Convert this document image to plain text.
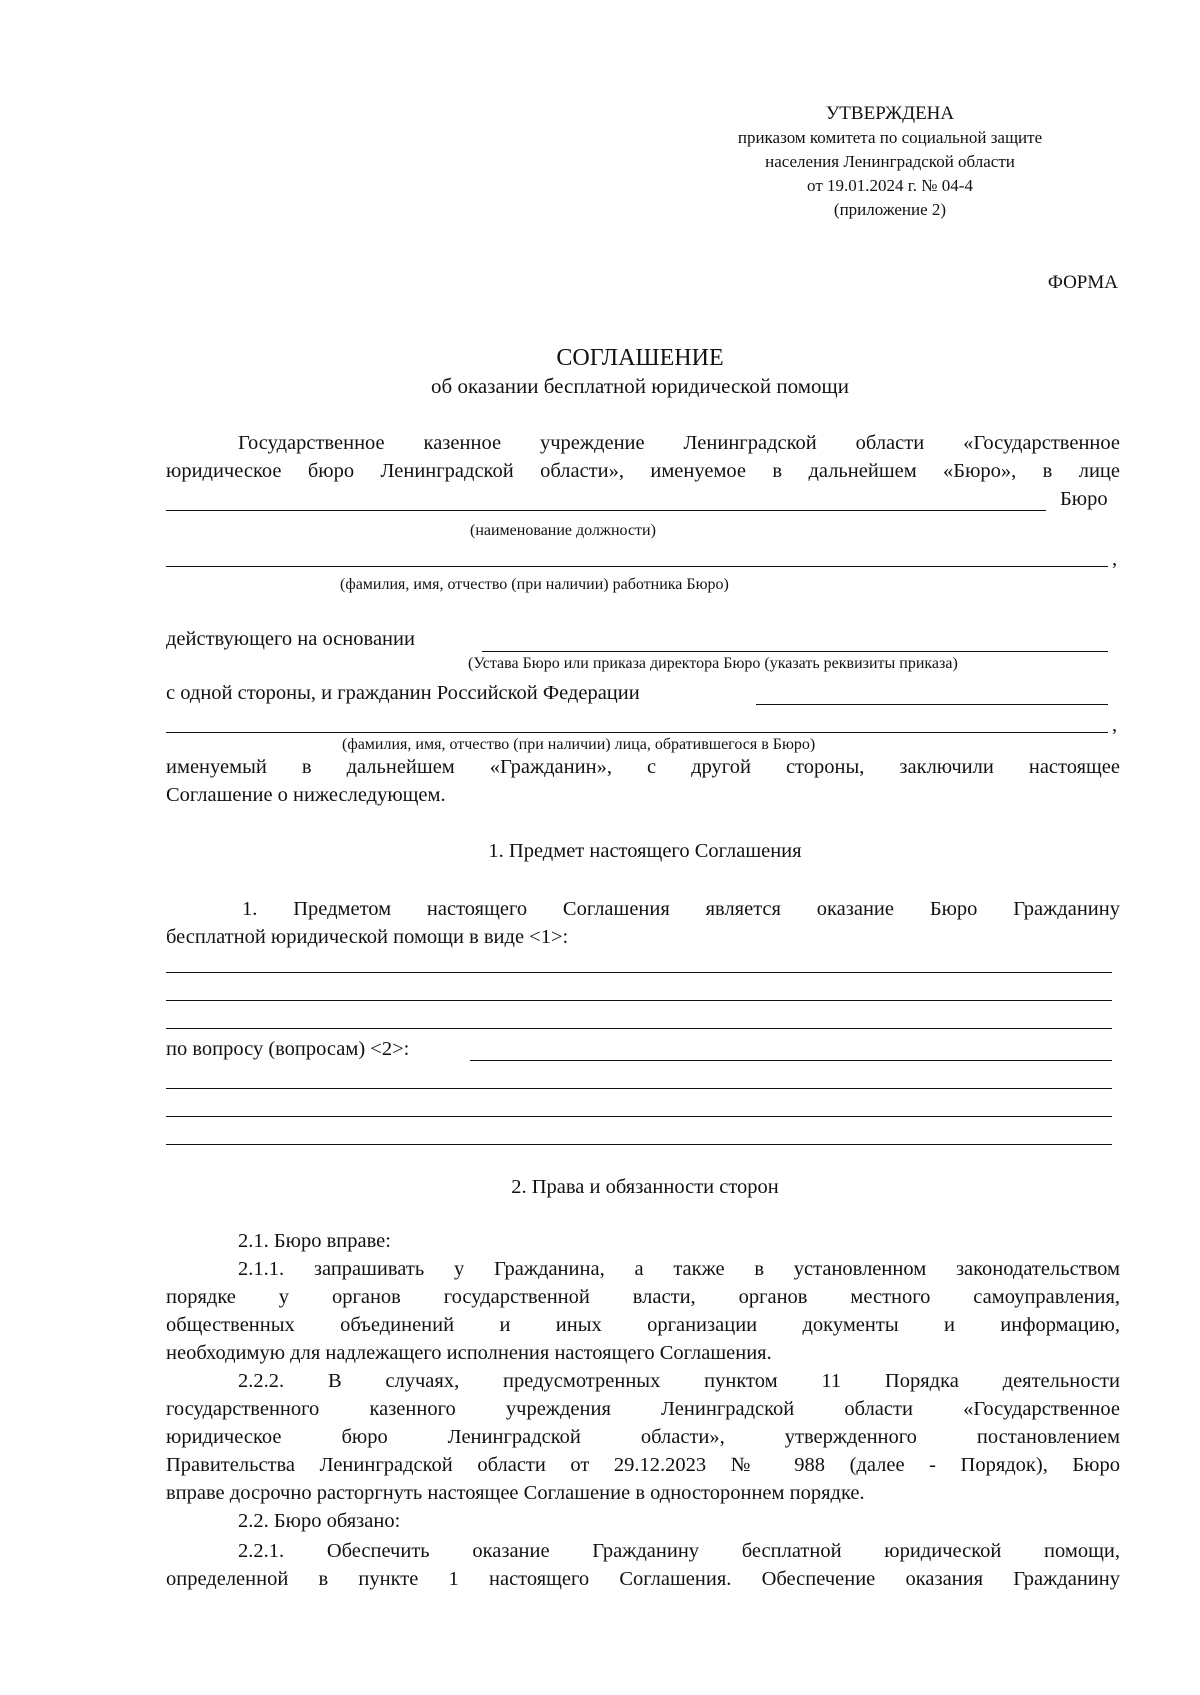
УТВЕРЖДЕНА
приказом комитета по социальной защите
населения Ленинградской области
от 19.01.2024 г. № 04-4
(приложение 2)
ФОРМА
СОГЛАШЕНИЕ
об оказании бесплатной юридической помощи
Государственное казенное учреждение Ленинградской области «Государственное
юридическое бюро Ленинградской области», именуемое в дальнейшем «Бюро», в лице
Бюро
(наименование должности)
,
(фамилия, имя, отчество (при наличии) работника Бюро)
действующего на основании
(Устава Бюро или приказа директора Бюро (указать реквизиты приказа)
с одной стороны, и гражданин Российской Федерации
,
(фамилия, имя, отчество (при наличии) лица, обратившегося в Бюро)
именуемый в дальнейшем «Гражданин», с другой стороны, заключили настоящее
Соглашение о нижеследующем.
1. Предмет настоящего Соглашения
1. Предметом настоящего Соглашения является оказание Бюро Гражданину
бесплатной юридической помощи в виде <1>:
по вопросу (вопросам) <2>:
2. Права и обязанности сторон
2.1. Бюро вправе:
2.1.1. запрашивать у Гражданина, а также в установленном законодательством
порядке у органов государственной власти, органов местного самоуправления,
общественных объединений и иных организации документы и информацию,
необходимую для надлежащего исполнения настоящего Соглашения.
2.2.2. В случаях, предусмотренных пунктом 11 Порядка деятельности
государственного казенного учреждения Ленинградской области «Государственное
юридическое бюро Ленинградской области», утвержденного постановлением
Правительства Ленинградской области от 29.12.2023 № 988 (далее - Порядок), Бюро
вправе досрочно расторгнуть настоящее Соглашение в одностороннем порядке.
2.2. Бюро обязано:
2.2.1. Обеспечить оказание Гражданину бесплатной юридической помощи,
определенной в пункте 1 настоящего Соглашения. Обеспечение оказания Гражданину
